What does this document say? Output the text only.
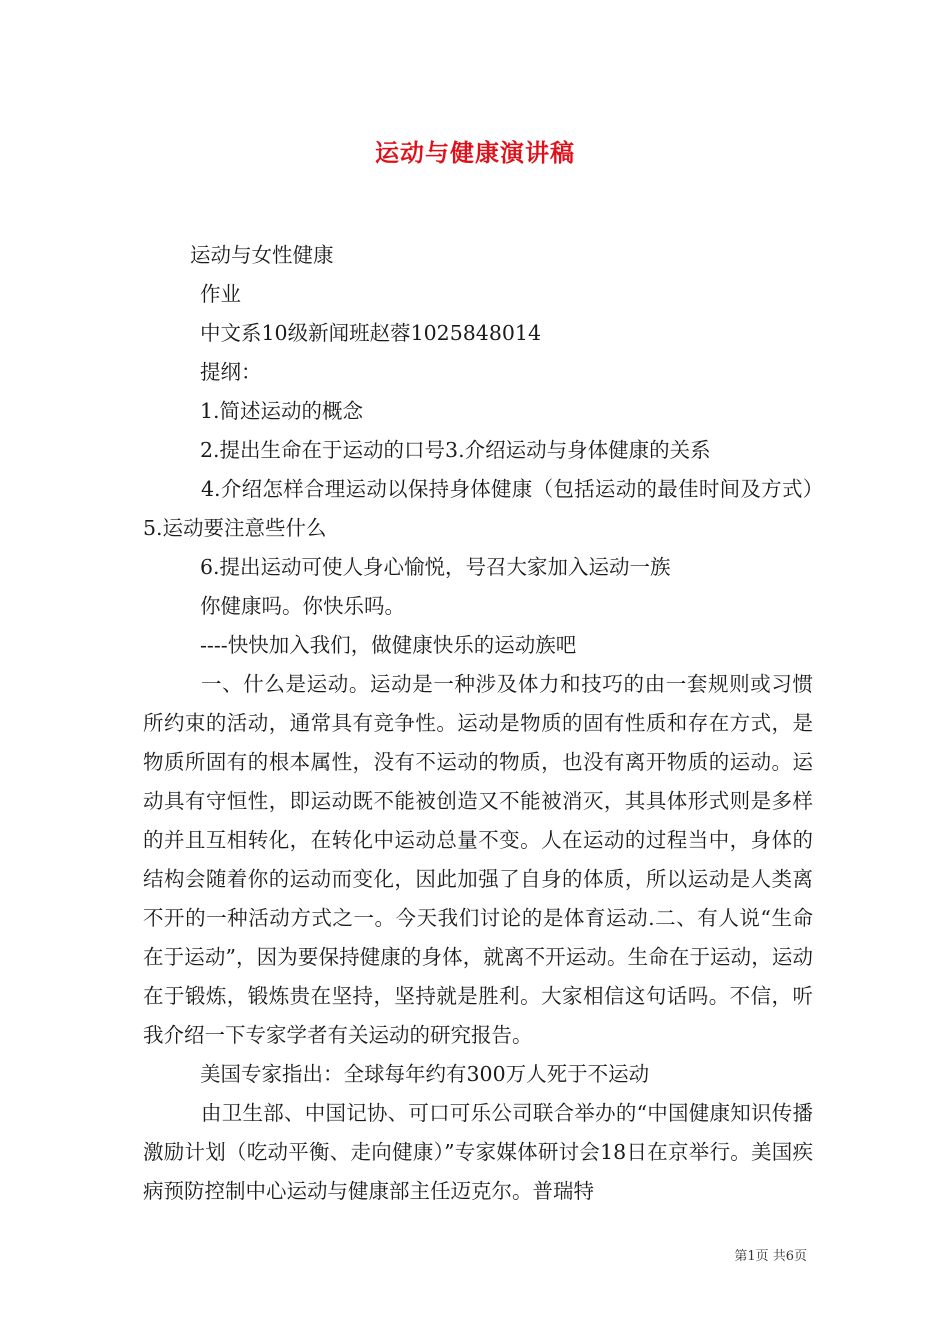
运动与健康演讲稿

运动与女性健康

作业

中文系10级新闻班赵蓉1025848014

提纲：

1.简述运动的概念

2.提出生命在于运动的口号3.介绍运动与身体健康的关系

4.介绍怎样合理运动以保持身体健康（包括运动的最佳时间及方式）5.运动要注意些什么

6.提出运动可使人身心愉悦，号召大家加入运动一族

你健康吗。你快乐吗。

----快快加入我们，做健康快乐的运动族吧

一、什么是运动。运动是一种涉及体力和技巧的由一套规则或习惯所约束的活动，通常具有竞争性。运动是物质的固有性质和存在方式，是物质所固有的根本属性，没有不运动的物质，也没有离开物质的运动。运动具有守恒性，即运动既不能被创造又不能被消灭，其具体形式则是多样的并且互相转化，在转化中运动总量不变。人在运动的过程当中，身体的结构会随着你的运动而变化，因此加强了自身的体质，所以运动是人类离不开的一种活动方式之一。今天我们讨论的是体育运动.二、有人说“生命在于运动”，因为要保持健康的身体，就离不开运动。生命在于运动，运动在于锻炼，锻炼贵在坚持，坚持就是胜利。大家相信这句话吗。不信，听我介绍一下专家学者有关运动的研究报告。

美国专家指出：全球每年约有300万人死于不运动

由卫生部、中国记协、可口可乐公司联合举办的“中国健康知识传播激励计划（吃动平衡、走向健康）”专家媒体研讨会18日在京举行。美国疾病预防控制中心运动与健康部主任迈克尔。普瑞特

第1页 共6页
